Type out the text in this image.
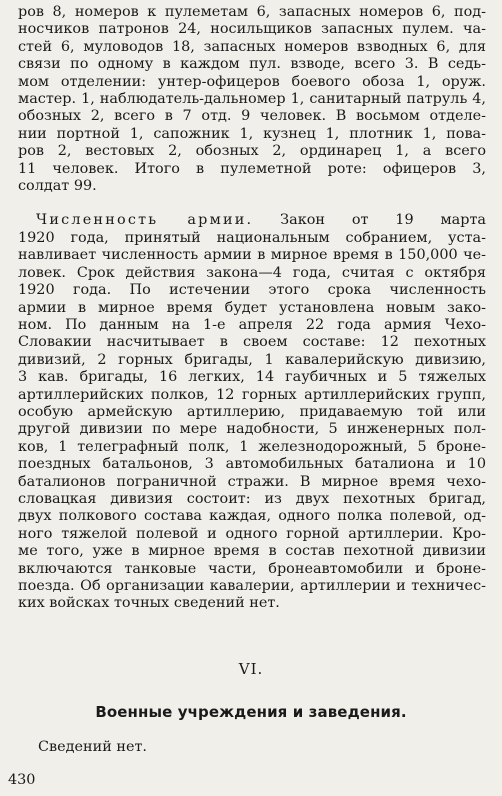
ров 8, номеров к пулеметам 6, запасных номеров 6, под-
носчиков патронов 24, носильщиков запасных пулем. ча-
стей 6, муловодов 18, запасных номеров взводных 6, для
связи по одному в каждом пул. взводе, всего 3. В седь-
мом отделении: унтер-офицеров боевого обоза 1, оруж.
мастер. 1, наблюдатель-дальномер 1, санитарный патруль 4,
обозных 2, всего в 7 отд. 9 человек. В восьмом отделе-
нии портной 1, сапожник 1, кузнец 1, плотник 1, пова-
ров 2, вестовых 2, обозных 2, ординарец 1, а всего
11 человек. Итого в пулеметной роте: офицеров 3,
солдат 99.
Численность армии. Закон от 19 марта
1920 года, принятый национальным собранием, уста-
навливает численность армии в мирное время в 150,000 че-
ловек. Срок действия закона—4 года, считая с октября
1920 года. По истечении этого срока численность
армии в мирное время будет установлена новым зако-
ном. По данным на 1-е апреля 22 года армия Чехо-
Словакии насчитывает в своем составе: 12 пехотных
дивизий, 2 горных бригады, 1 кавалерийскую дивизию,
3 кав. бригады, 16 легких, 14 гаубичных и 5 тяжелых
артиллерийских полков, 12 горных артиллерийских групп,
особую армейскую артиллерию, придаваемую той или
другой дивизии по мере надобности, 5 инженерных пол-
ков, 1 телеграфный полк, 1 железнодорожный, 5 броне-
поездных батальонов, 3 автомобильных баталиона и 10
баталионов пограничной стражи. В мирное время чехо-
словацкая дивизия состоит: из двух пехотных бригад,
двух полкового состава каждая, одного полка полевой, од-
ного тяжелой полевой и одного горной артиллерии. Кро-
ме того, уже в мирное время в состав пехотной дивизии
включаются танковые части, бронеавтомобили и броне-
поезда. Об организации кавалерии, артиллерии и техничес-
ких войсках точных сведений нет.
VI.
Военные учреждения и заведения.
Сведений нет.
430
